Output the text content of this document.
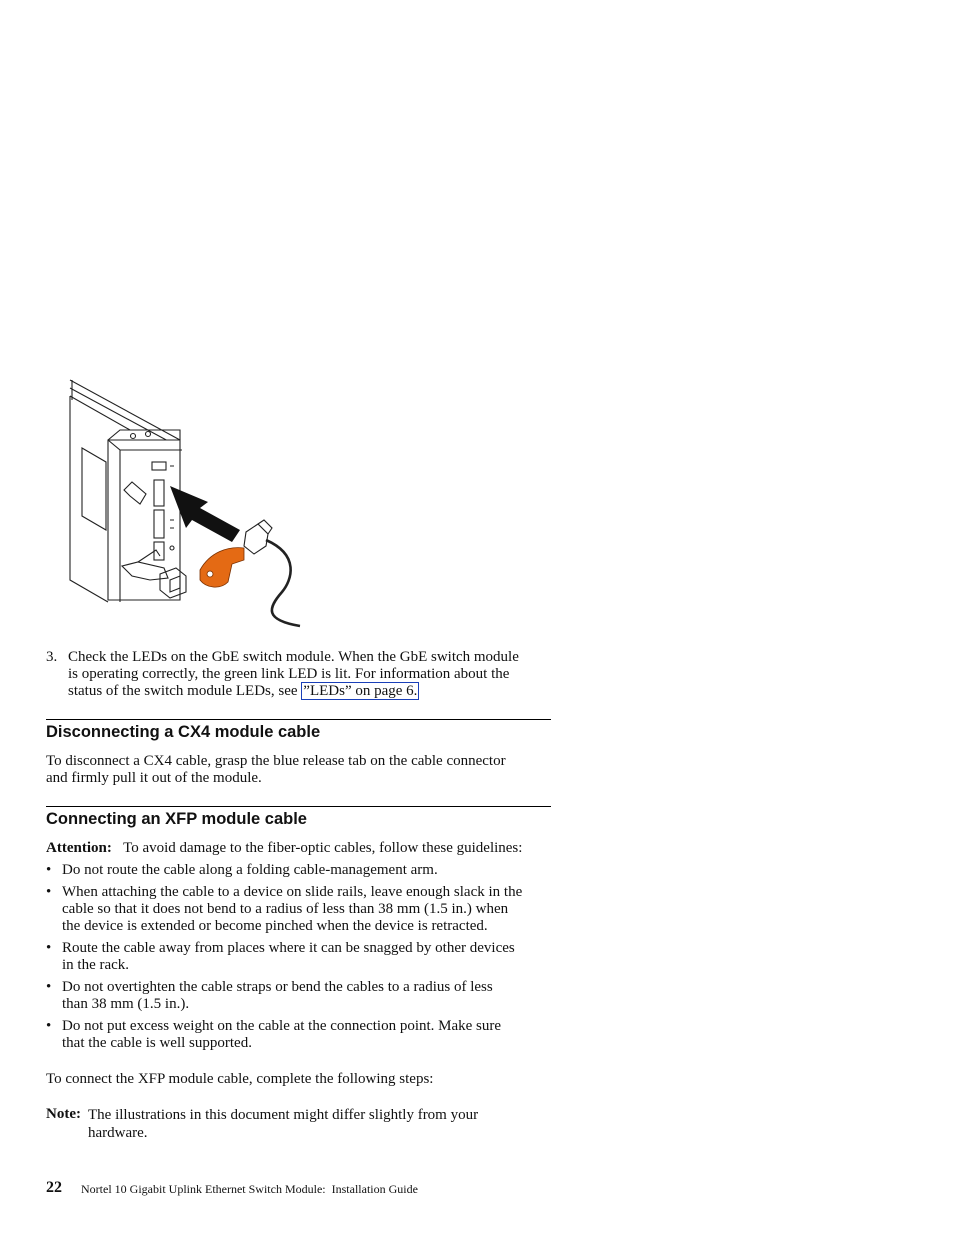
3. Check the LEDs on the GbE switch module. When the GbE switch module
is operating correctly, the green link LED is lit. For information about the
status of the switch module LEDs, see ”LEDs” on page 6.
Disconnecting a CX4 module cable
To disconnect a CX4 cable, grasp the blue release tab on the cable connector
and firmly pull it out of the module.
Connecting an XFP module cable
Attention: To avoid damage to the fiber-optic cables, follow these guidelines:
• Do not route the cable along a folding cable-management arm.
• When attaching the cable to a device on slide rails, leave enough slack in the
cable so that it does not bend to a radius of less than 38 mm (1.5 in.) when
the device is extended or become pinched when the device is retracted.
• Route the cable away from places where it can be snagged by other devices
in the rack.
• Do not overtighten the cable straps or bend the cables to a radius of less
than 38 mm (1.5 in.).
• Do not put excess weight on the cable at the connection point. Make sure
that the cable is well supported.
To connect the XFP module cable, complete the following steps:
Note: The illustrations in this document might differ slightly from your
hardware.
22 Nortel 10 Gigabit Uplink Ethernet Switch Module:  Installation Guide
